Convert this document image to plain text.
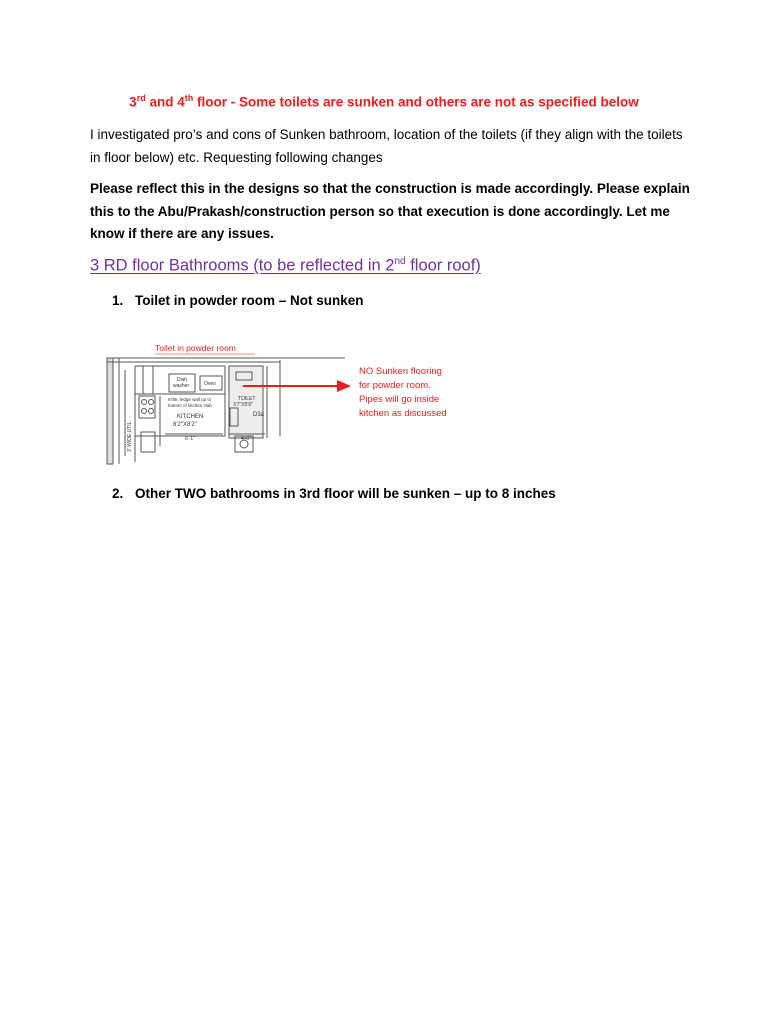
3rd and 4th floor - Some toilets are sunken and others are not as specified below
I investigated pro’s and cons of Sunken bathroom, location of the toilets (if they align with the toilets in floor below) etc. Requesting following changes
Please reflect this in the designs so that the construction is made accordingly. Please explain this to the Abu/Prakash/construction person so that execution is done accordingly. Let me know if there are any issues.
3 RD floor Bathrooms (to be reflected in 2nd floor roof)
1. Toilet in powder room – Not sunken
Toilet in powder room
Dish
washer	Oven
6'thk. ledge wall up to
bottom of kitchen slab
KITCHEN
8'2"X8'2"
TOILET
3'7"X5'6"
D3a
6'-1"	4'-6"
3' WIDE UTIL
NO Sunken flooring
for powder room.
Pipes will go inside
kitchen as discussed
2. Other TWO bathrooms in 3rd floor will be sunken – up to 8 inches
